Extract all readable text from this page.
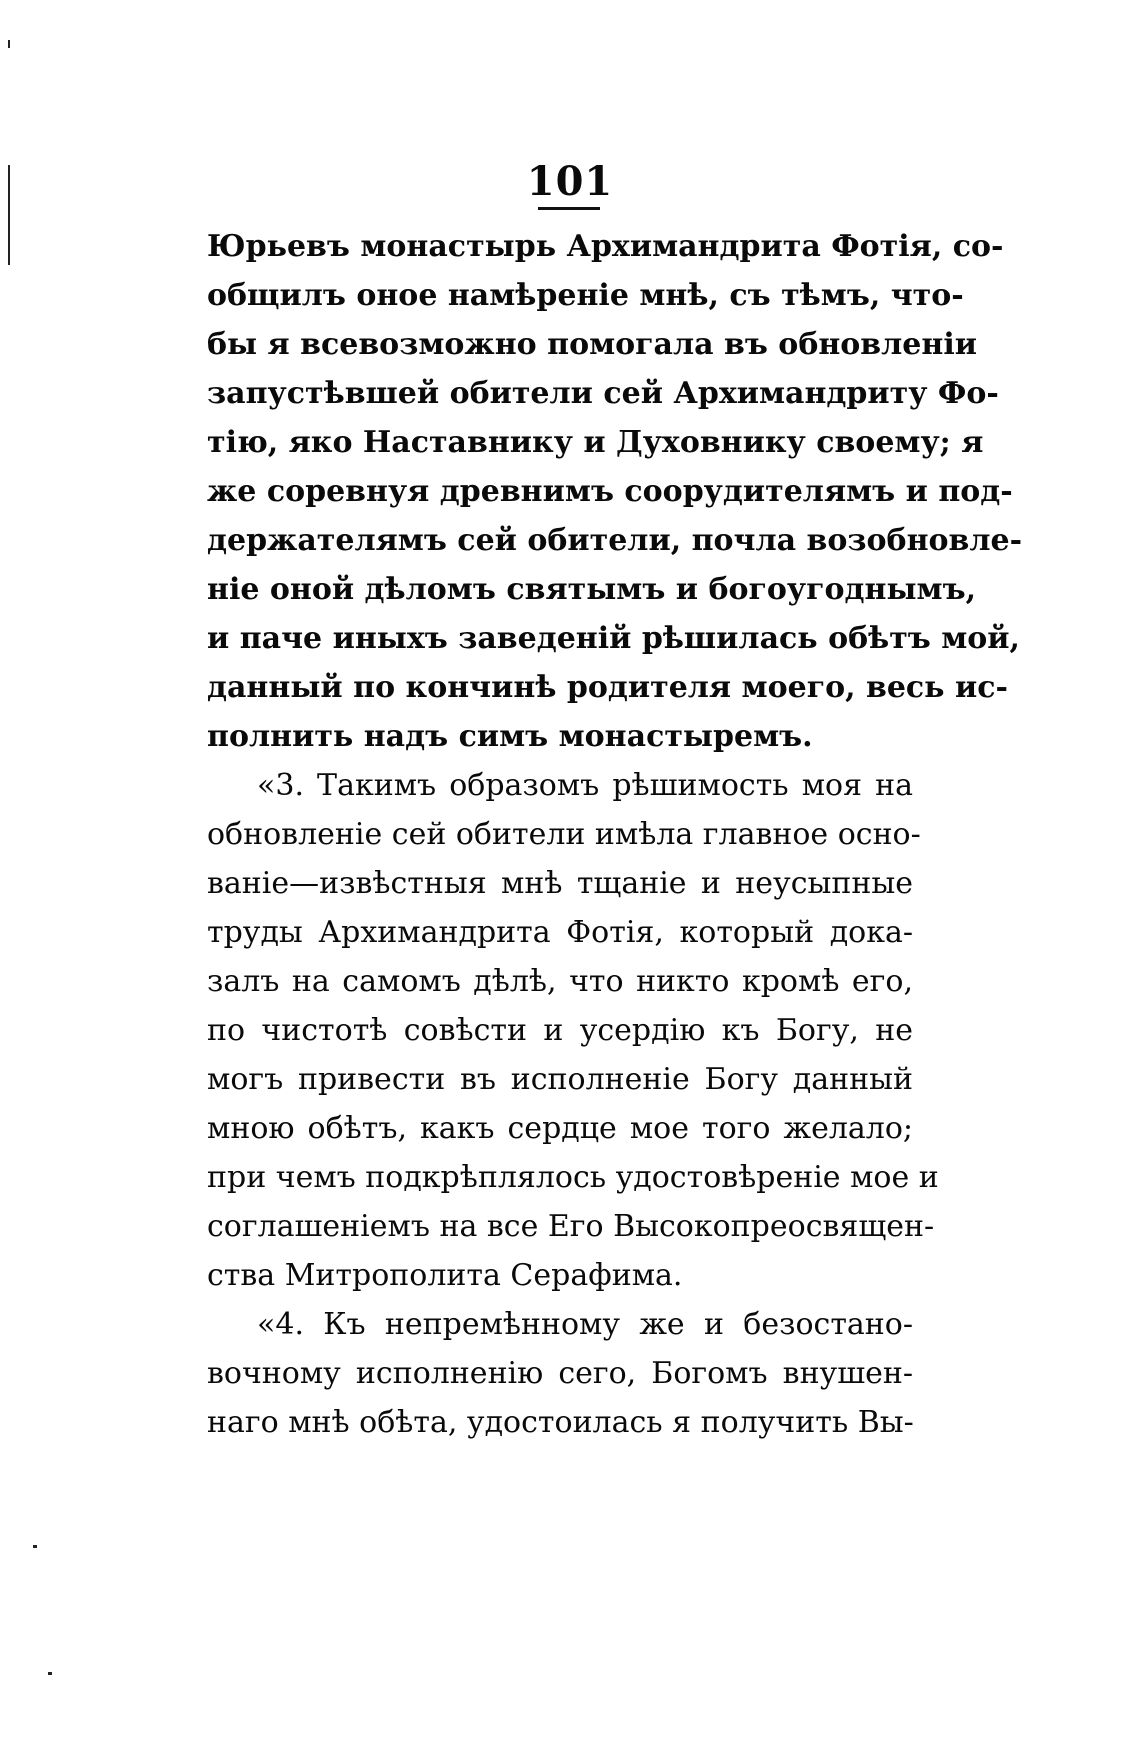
101
Юрьевъ монастырь Архимандрита Фотія, со-
общилъ оное намѣреніе мнѣ, съ тѣмъ, что-
бы я всевозможно помогала въ обновленіи
запустѣвшей обители сей Архимандриту Фо-
тію, яко Наставнику и Духовнику своему; я
же соревнуя древнимъ соорудителямъ и под-
держателямъ сей обители, почла возобновле-
ніе оной дѣломъ святымъ и богоугоднымъ,
и паче иныхъ заведеній рѣшилась обѣтъ мой,
данный по кончинѣ родителя моего, весь ис-
полнить надъ симъ монастыремъ.
«3. Такимъ образомъ рѣшимость моя на
обновленіе сей обители имѣла главное осно-
ваніе—извѣстныя мнѣ тщаніе и неусыпные
труды Архимандрита Фотія, который дока-
залъ на самомъ дѣлѣ, что никто кромѣ его,
по чистотѣ совѣсти и усердію къ Богу, не
могъ привести въ исполненіе Богу данный
мною обѣтъ, какъ сердце мое того желало;
при чемъ подкрѣплялось удостовѣреніе мое и
соглашеніемъ на все Его Высокопреосвящен-
ства Митрополита Серафима.
«4. Къ непремѣнному же и безостано-
вочному исполненію сего, Богомъ внушен-
наго мнѣ обѣта, удостоилась я получить Вы-
